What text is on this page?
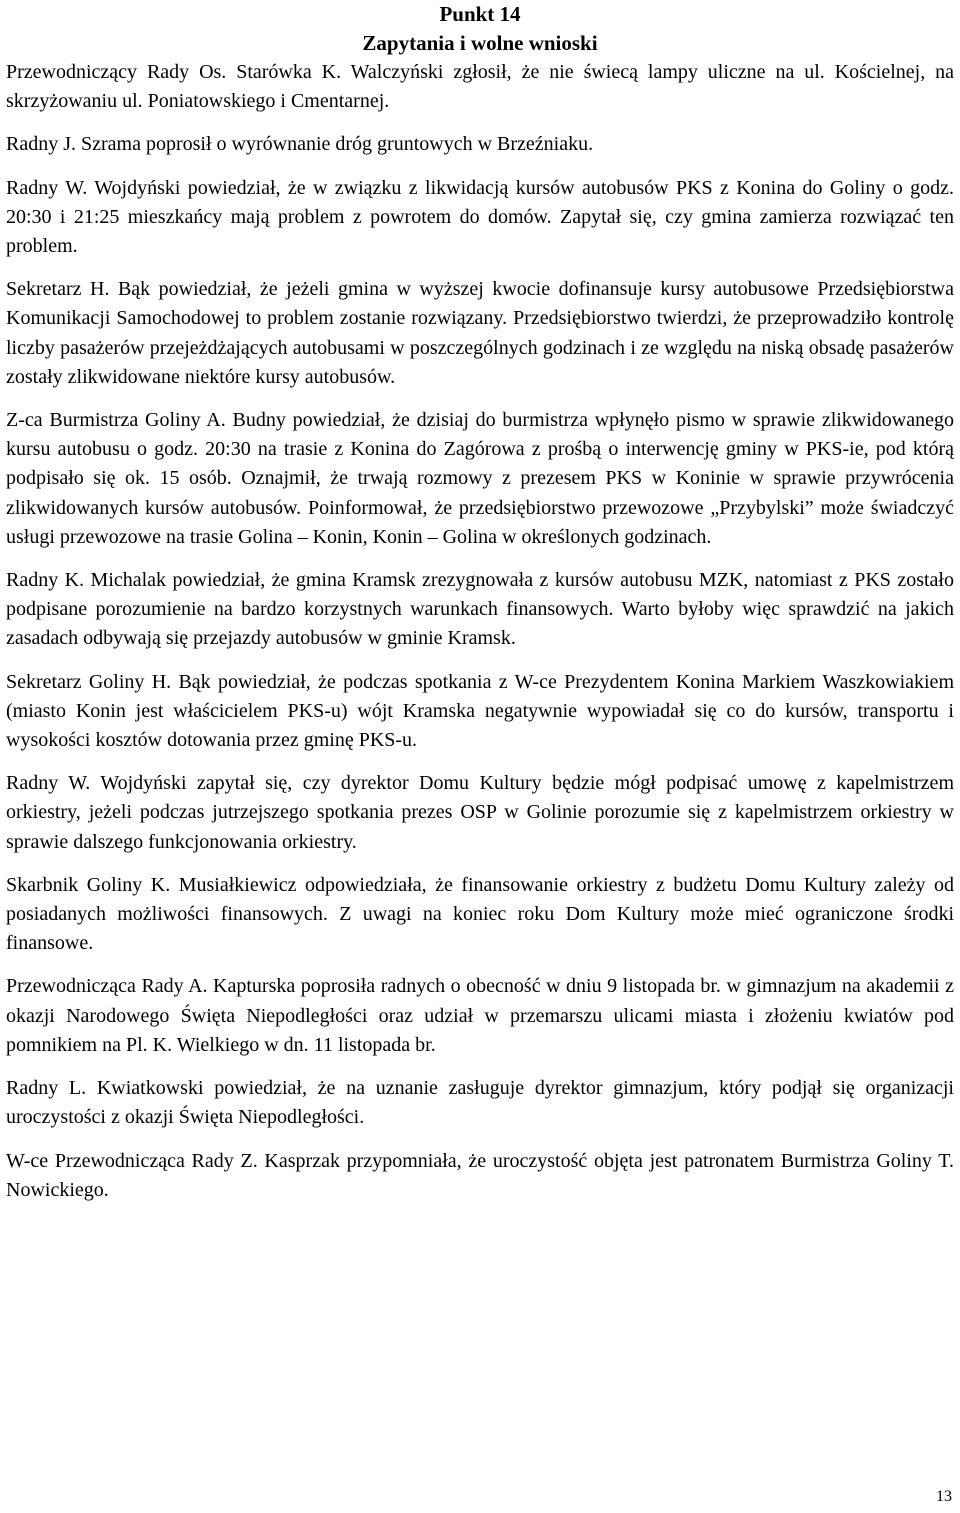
Punkt 14

Zapytania i wolne wnioski

Przewodniczący Rady Os. Starówka K. Walczyński zgłosił, że nie świecą lampy uliczne na ul. Kościelnej, na skrzyżowaniu ul. Poniatowskiego i Cmentarnej.

Radny J. Szrama poprosił o wyrównanie dróg gruntowych w Brzeźniaku.

Radny W. Wojdyński powiedział, że w związku z likwidacją kursów autobusów PKS z Konina do Goliny o godz. 20:30 i 21:25 mieszkańcy mają problem z powrotem do domów. Zapytał się, czy gmina zamierza rozwiązać ten problem.

Sekretarz H. Bąk powiedział, że jeżeli gmina w wyższej kwocie dofinansuje kursy autobusowe Przedsiębiorstwa Komunikacji Samochodowej to problem zostanie rozwiązany. Przedsiębiorstwo twierdzi, że przeprowadziło kontrolę liczby pasażerów przejeżdżających autobusami w poszczególnych godzinach i ze względu na niską obsadę pasażerów zostały zlikwidowane niektóre kursy autobusów.

Z-ca Burmistrza Goliny A. Budny powiedział, że dzisiaj do burmistrza wpłynęło pismo w sprawie zlikwidowanego kursu autobusu o godz. 20:30 na trasie z Konina do Zagórowa z prośbą o interwencję gminy w PKS-ie, pod którą podpisało się ok. 15 osób. Oznajmił, że trwają rozmowy z prezesem PKS w Koninie w sprawie przywrócenia zlikwidowanych kursów autobusów. Poinformował, że przedsiębiorstwo przewozowe „Przybylski” może świadczyć usługi przewozowe na trasie Golina – Konin, Konin – Golina w określonych godzinach.

Radny K. Michalak powiedział, że gmina Kramsk zrezygnowała z kursów autobusu MZK, natomiast z PKS zostało podpisane porozumienie na bardzo korzystnych warunkach finansowych. Warto byłoby więc sprawdzić na jakich zasadach odbywają się przejazdy autobusów w gminie Kramsk.

Sekretarz Goliny H. Bąk powiedział, że podczas spotkania z W-ce Prezydentem Konina Markiem Waszkowiakiem (miasto Konin jest właścicielem PKS-u) wójt Kramska negatywnie wypowiadał się co do kursów, transportu i wysokości kosztów dotowania przez gminę PKS-u.

Radny W. Wojdyński zapytał się, czy dyrektor Domu Kultury będzie mógł podpisać umowę z kapelmistrzem orkiestry, jeżeli podczas jutrzejszego spotkania prezes OSP w Golinie porozumie się z kapelmistrzem orkiestry w sprawie dalszego funkcjonowania orkiestry.

Skarbnik Goliny K. Musiałkiewicz odpowiedziała, że finansowanie orkiestry z budżetu Domu Kultury zależy od posiadanych możliwości finansowych. Z uwagi na koniec roku Dom Kultury może mieć ograniczone środki finansowe.

Przewodnicząca Rady A. Kapturska poprosiła radnych o obecność w dniu 9 listopada br. w gimnazjum na akademii z okazji Narodowego Święta Niepodległości oraz udział w przemarszu ulicami miasta i złożeniu kwiatów pod pomnikiem na Pl. K. Wielkiego w dn. 11 listopada br.

Radny L. Kwiatkowski powiedział, że na uznanie zasługuje dyrektor gimnazjum, który podjął się organizacji uroczystości z okazji Święta Niepodległości.

W-ce Przewodnicząca Rady Z. Kasprzak przypomniała, że uroczystość objęta jest patronatem Burmistrza Goliny T. Nowickiego.

13
